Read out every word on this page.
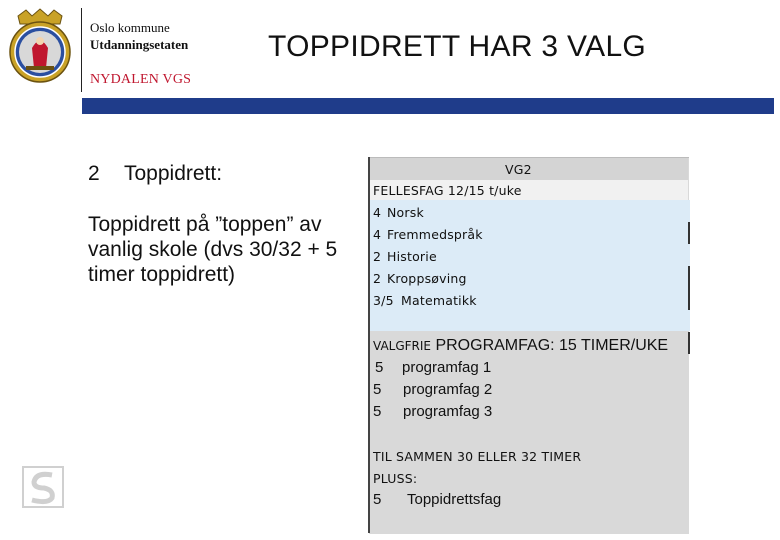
Oslo kommune
Utdanningsetaten	TOPPIDRETT HAR 3 VALG
NYDALEN VGS
2 Toppidrett:
Toppidrett på ”toppen” av vanlig skole (dvs 30/32 + 5 timer toppidrett)
VG2
FELLESFAG 12/15 t/uke
4 Norsk
4 Fremmedspråk
2 Historie
2 Kroppsøving
3/5 Matematikk
VALGFRIE PROGRAMFAG: 15 TIMER/UKE
5 programfag 1
5 programfag 2
5 programfag 3
TIL SAMMEN 30 ELLER 32 TIMER
PLUSS:
5 Toppidrettsfag
